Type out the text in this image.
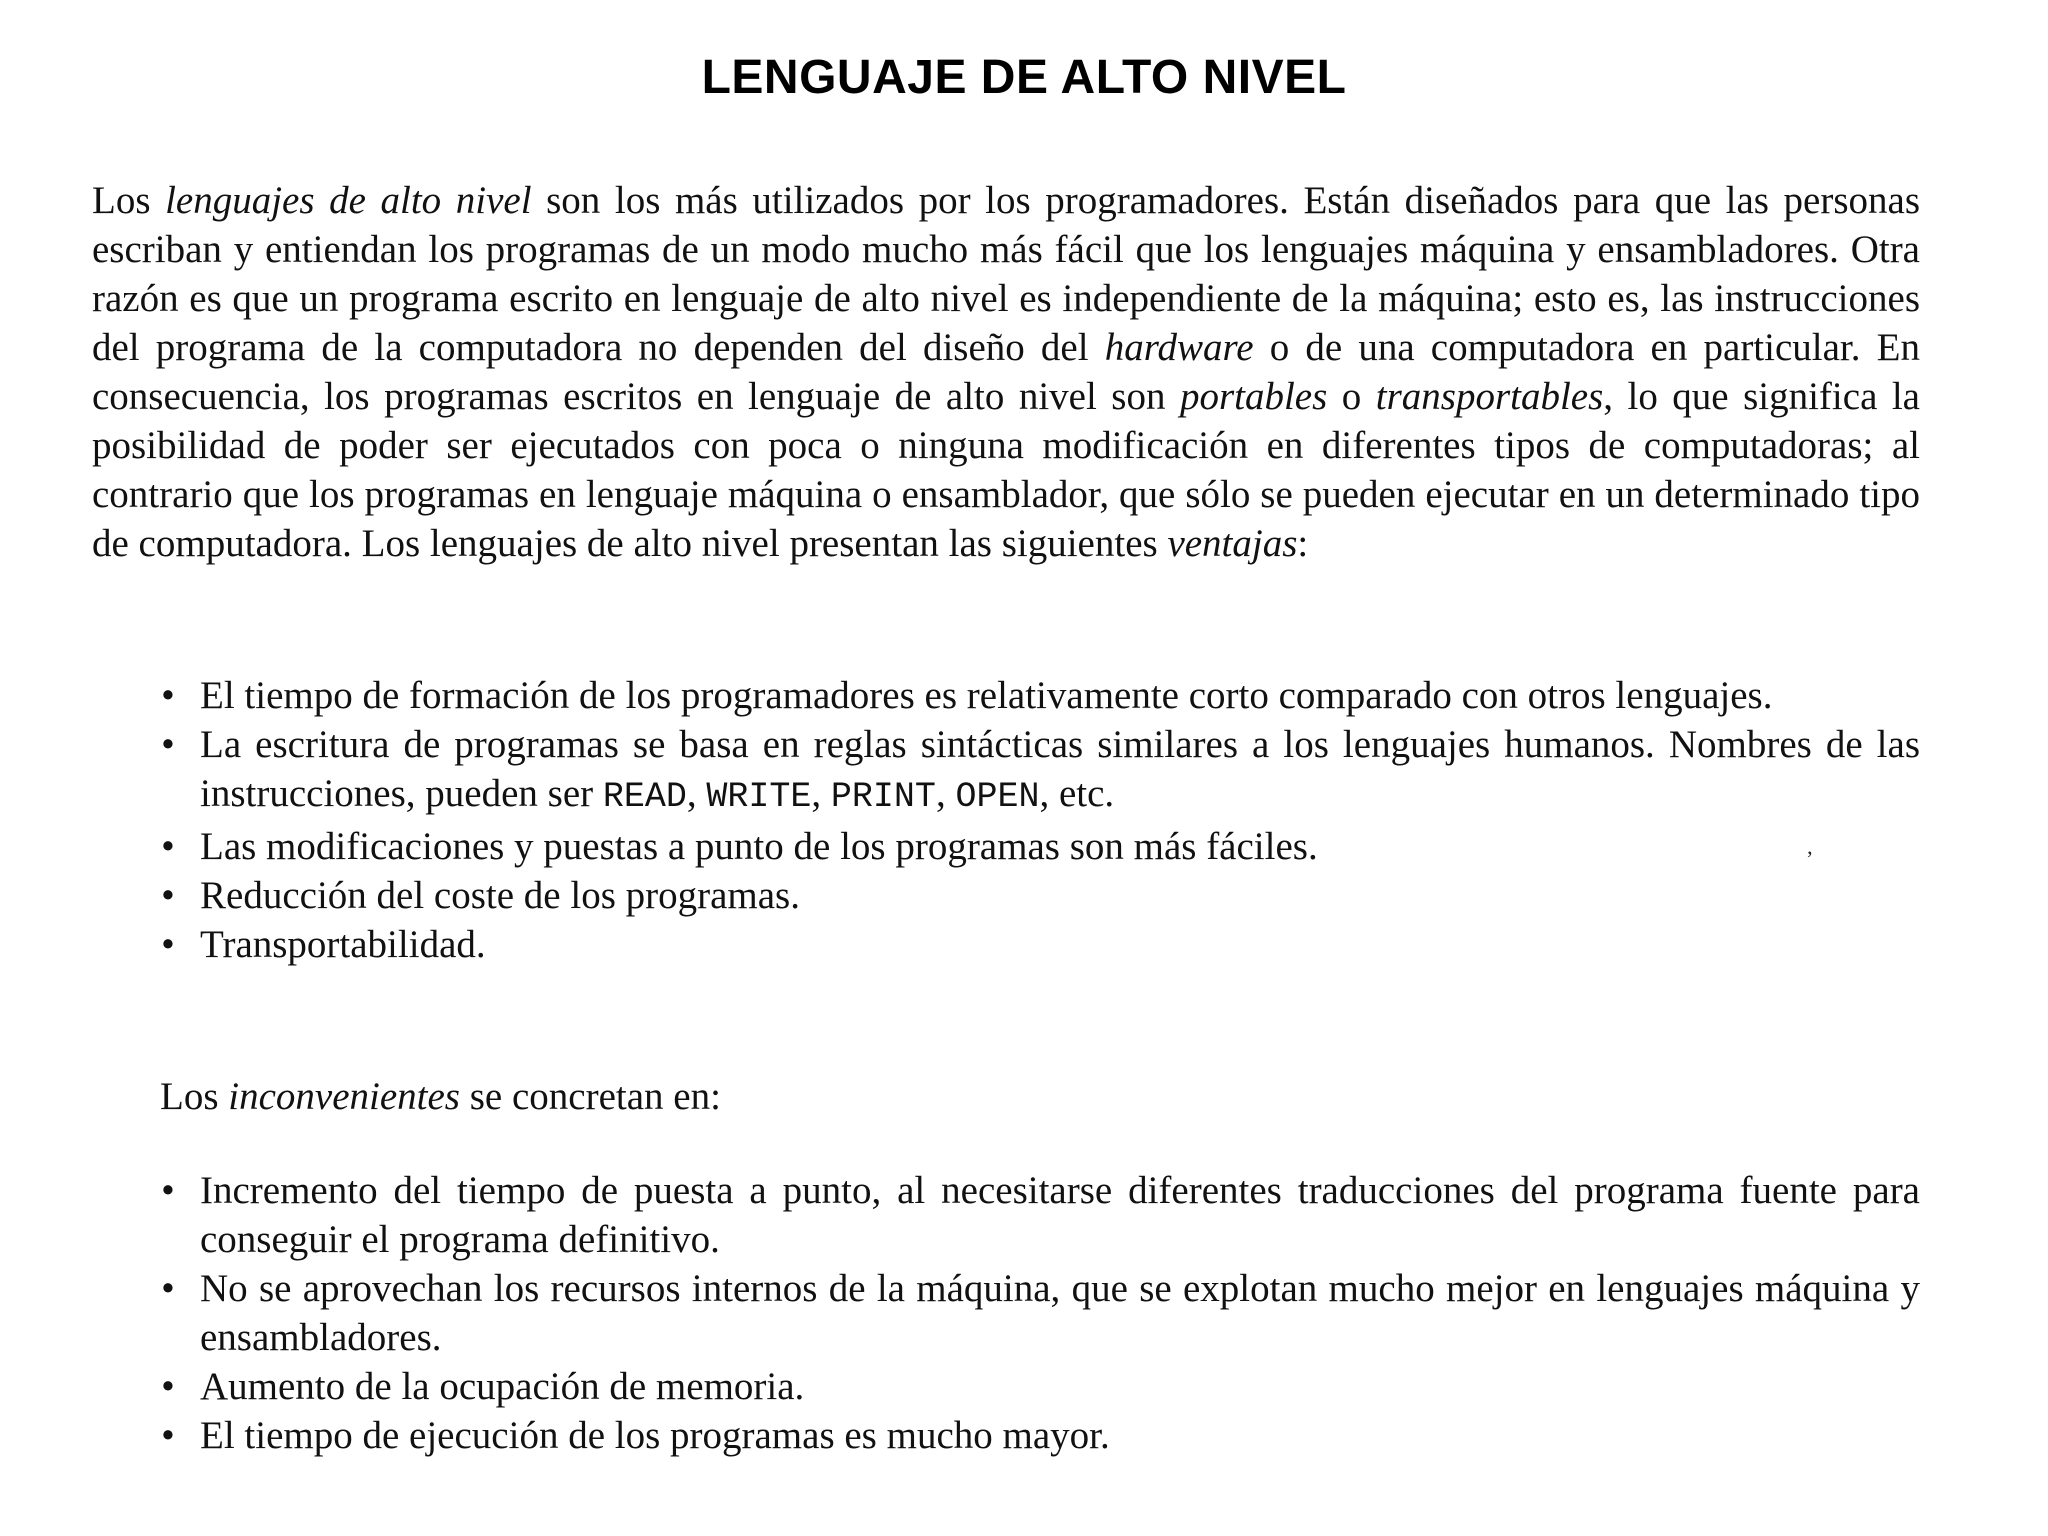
LENGUAJE DE ALTO NIVEL

Los lenguajes de alto nivel son los más utilizados por los programadores. Están diseñados para que las personas escriban y entiendan los programas de un modo mucho más fácil que los lenguajes máquina y ensambladores. Otra razón es que un programa escrito en lenguaje de alto nivel es independiente de la máquina; esto es, las instrucciones del programa de la computadora no dependen del diseño del hardware o de una computadora en particular. En consecuencia, los programas escritos en lenguaje de alto nivel son portables o transportables, lo que significa la posibilidad de poder ser ejecutados con poca o ninguna modificación en diferentes tipos de computadoras; al contrario que los programas en lenguaje máquina o ensamblador, que sólo se pueden ejecutar en un determinado tipo de computadora. Los lenguajes de alto nivel presentan las siguientes ventajas:

• El tiempo de formación de los programadores es relativamente corto comparado con otros lenguajes.
• La escritura de programas se basa en reglas sintácticas similares a los lenguajes humanos. Nombres de las instrucciones, pueden ser READ, WRITE, PRINT, OPEN, etc.
• Las modificaciones y puestas a punto de los programas son más fáciles.
• Reducción del coste de los programas.
• Transportabilidad.
’

Los inconvenientes se concretan en:

• Incremento del tiempo de puesta a punto, al necesitarse diferentes traducciones del programa fuente para conseguir el programa definitivo.
• No se aprovechan los recursos internos de la máquina, que se explotan mucho mejor en lenguajes máquina y ensambladores.
• Aumento de la ocupación de memoria.
• El tiempo de ejecución de los programas es mucho mayor.
